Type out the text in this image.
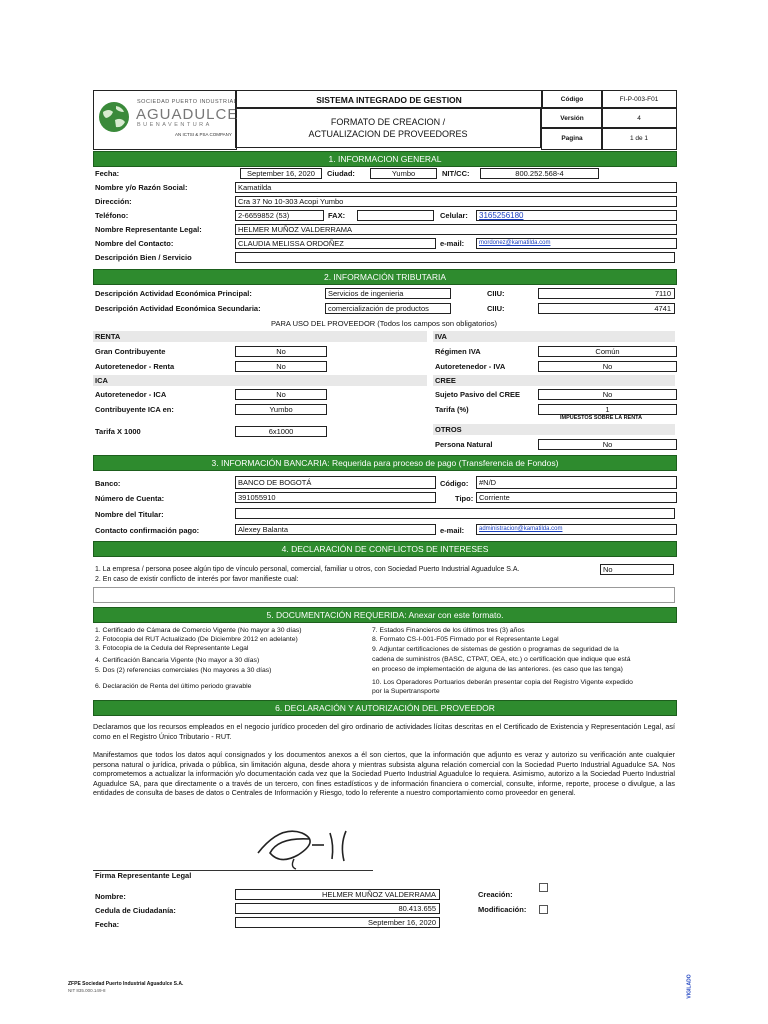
SOCIEDAD PUERTO INDUSTRIAL
AGUADULCE
BUENAVENTURA
AN ICTSI & PSA COMPANY
SISTEMA INTEGRADO DE GESTION
FORMATO DE CREACION / ACTUALIZACION DE PROVEEDORES
Código	FI-P-003-F01
Versión	4
Pagina	1 de 1
1. INFORMACION GENERAL
Fecha:	September 16, 2020	Ciudad:	Yumbo	NIT/CC:	800.252.568-4
Nombre y/o Razón Social:	Kamatilda
Dirección:	Cra 37 No 10-303 Acopi Yumbo
Teléfono:	2-6659852 (53)	FAX:	Celular:	3165256180
Nombre Representante Legal:	HELMER MUÑOZ VALDERRAMA
Nombre del Contacto:	CLAUDIA MELISSA ORDOÑEZ	e-mail:	mordonez@kamatilda.com
Descripción Bien / Servicio
2. INFORMACIÓN TRIBUTARIA
Descripción Actividad Económica Principal:	Servicios de ingenieria	CIIU:	7110
Descripción Actividad Económica Secundaria:	comercialización de productos	CIIU:	4741
PARA USO DEL PROVEEDOR (Todos los campos son obligatorios)
RENTA	IVA
Gran Contribuyente	No	Régimen IVA	Común
Autoretenedor - Renta	No	Autoretenedor - IVA	No
ICA	CREE
Autoretenedor - ICA	No	Sujeto Pasivo del CREE	No
Contribuyente ICA en:	Yumbo	Tarifa (%)	1
IMPUESTOS SOBRE LA RENTA
Tarifa X 1000	6x1000	OTROS
Persona Natural	No
3. INFORMACIÓN BANCARIA: Requerida para proceso de pago (Transferencia de Fondos)
Banco:	BANCO DE BOGOTÁ	Código:	#N/D
Número de Cuenta:	391055910	Tipo: Corriente
Nombre del Titular:
Contacto confirmación pago:	Alexey Balanta	e-mail:	administracion@kamatilda.com
4. DECLARACIÓN DE CONFLICTOS DE INTERESES
1. La empresa / persona posee algún tipo de vínculo personal, comercial, familiar u otros, con Sociedad Puerto Industrial Aguadulce S.A.	No
2. En caso de existir conflicto de interés por favor manifieste cual:
5. DOCUMENTACIÓN REQUERIDA: Anexar con este formato.
1. Certificado de Cámara de Comercio Vigente (No mayor a 30 días)
2. Fotocopia del RUT Actualizado (De Diciembre 2012 en adelante)
3. Fotocopia de la Cedula del Representante Legal
4. Certificación Bancaria Vigente (No mayor a 30 días)
5. Dos (2) referencias comerciales (No mayores a 30 días)
6. Declaración de Renta del último periodo gravable
7. Estados Financieros de los últimos tres (3) años
8. Formato CS-I-001-F05 Firmado por el Representante Legal
9. Adjuntar certificaciones de sistemas de gestión o programas de seguridad de la
cadena de suministros (BASC, CTPAT, OEA, etc.) o certificación que indique que está
en proceso de implementación de alguna de las anteriores. (es caso que las tenga)
10. Los Operadores Portuarios deberán presentar copia del Registro Vigente expedido
por la Supertransporte
6. DECLARACIÓN Y AUTORIZACIÓN DEL PROVEEDOR
Declaramos que los recursos empleados en el negocio jurídico proceden del giro ordinario de actividades lícitas descritas en el Certificado de Existencia y Representación Legal, así como en el Registro Único Tributario - RUT.
Manifestamos que todos los datos aquí consignados y los documentos anexos a él son ciertos, que la información que adjunto es veraz y autorizo su verificación ante cualquier persona natural o jurídica, privada o pública, sin limitación alguna, desde ahora y mientras subsista alguna relación comercial con la Sociedad Puerto Industrial Aguadulce SA. Nos comprometemos a actualizar la información y/o documentación cada vez que la Sociedad Puerto Industrial Aguadulce lo requiera. Asimismo, autorizo a la Sociedad Puerto Industrial Aguadulce SA, para que directamente o a través de un tercero, con fines estadísticos y de información financiera o comercial, consulte, informe, reporte, procese o divulgue, a las entidades de consulta de bases de datos o Centrales de Información y Riesgo, todo lo referente a nuestro comportamiento como proveedor en general.
Firma Representante Legal
Nombre:	HELMER MUÑOZ VALDERRAMA
Cedula de Ciudadanía:	80.413.655
Fecha:	September 16, 2020
Creación:
Modificación:
ZFPE Sociedad Puerto Industrial Aguadulce S.A.
NIT 835.000.149-8	VIGILADO
